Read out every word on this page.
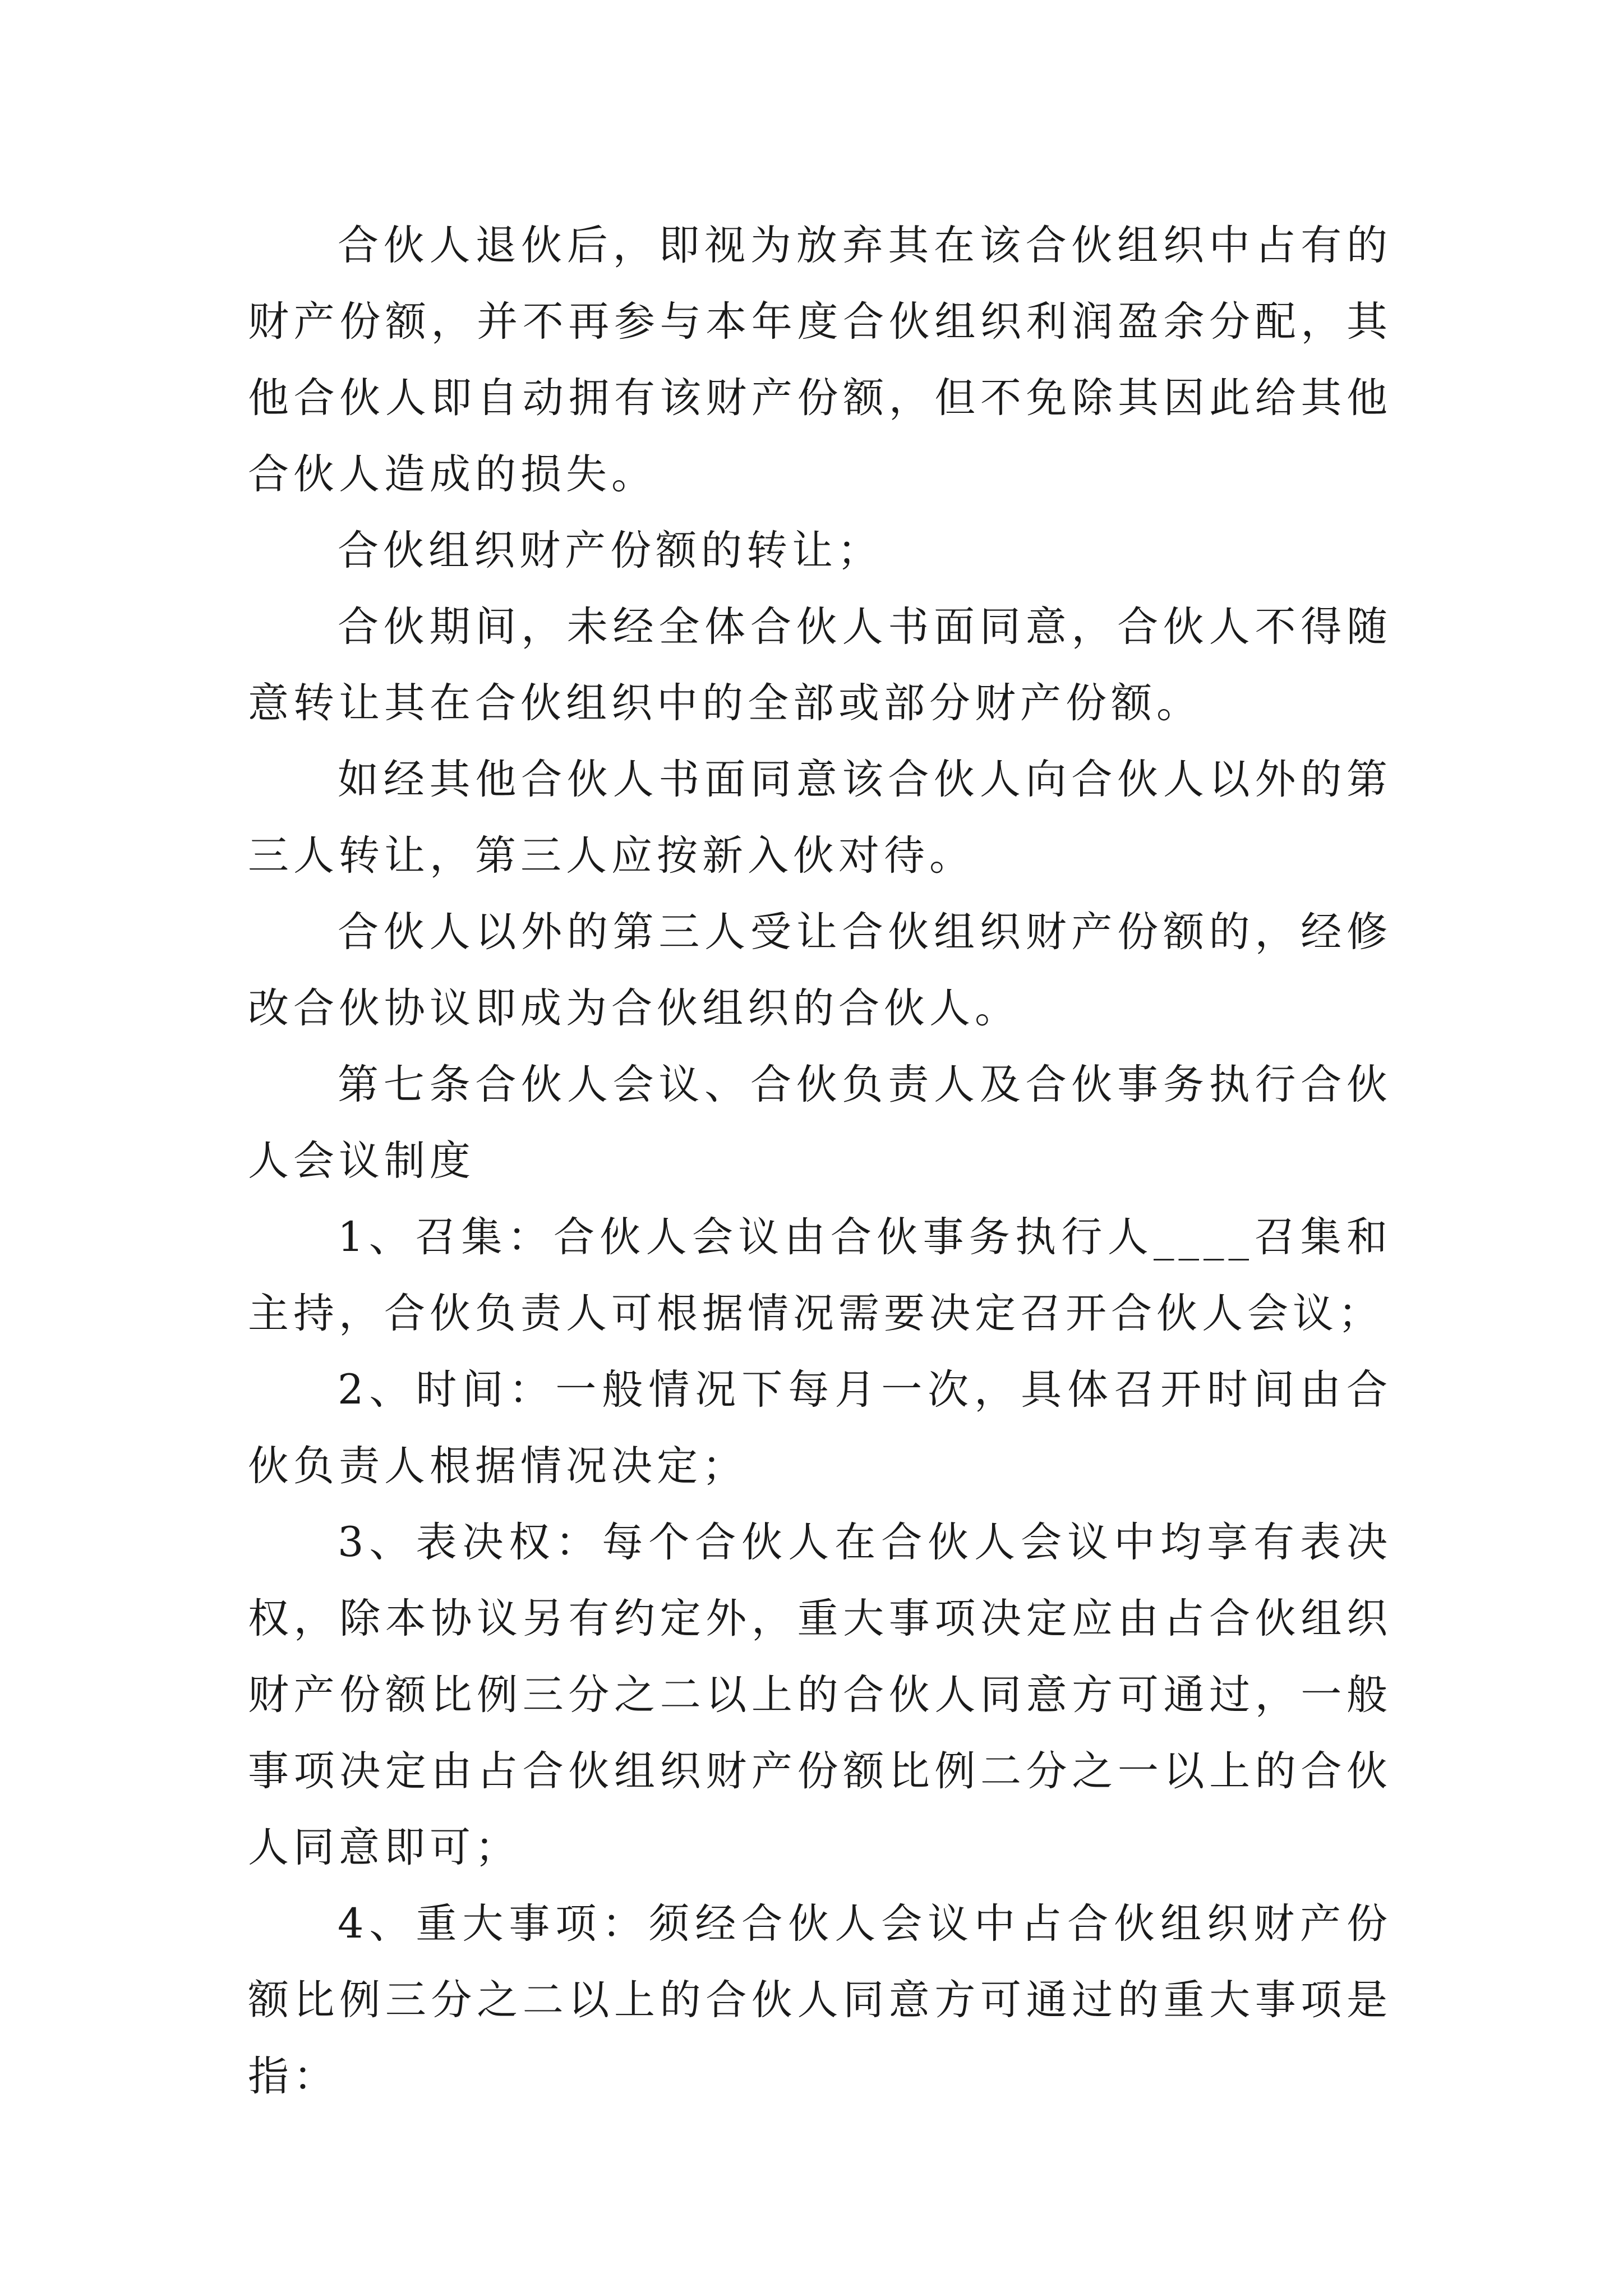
合伙人退伙后，即视为放弃其在该合伙组织中占有的财产份额，并不再参与本年度合伙组织利润盈余分配，其他合伙人即自动拥有该财产份额，但不免除其因此给其他合伙人造成的损失。

合伙组织财产份额的转让；

合伙期间，未经全体合伙人书面同意，合伙人不得随意转让其在合伙组织中的全部或部分财产份额。

如经其他合伙人书面同意该合伙人向合伙人以外的第三人转让，第三人应按新入伙对待。

合伙人以外的第三人受让合伙组织财产份额的，经修改合伙协议即成为合伙组织的合伙人。

第七条合伙人会议、合伙负责人及合伙事务执行合伙人会议制度

1、召集：合伙人会议由合伙事务执行人____召集和主持，合伙负责人可根据情况需要决定召开合伙人会议；

2、时间：一般情况下每月一次，具体召开时间由合伙负责人根据情况决定；

3、表决权：每个合伙人在合伙人会议中均享有表决权，除本协议另有约定外，重大事项决定应由占合伙组织财产份额比例三分之二以上的合伙人同意方可通过，一般事项决定由占合伙组织财产份额比例二分之一以上的合伙人同意即可；

4、重大事项：须经合伙人会议中占合伙组织财产份额比例三分之二以上的合伙人同意方可通过的重大事项是指：
